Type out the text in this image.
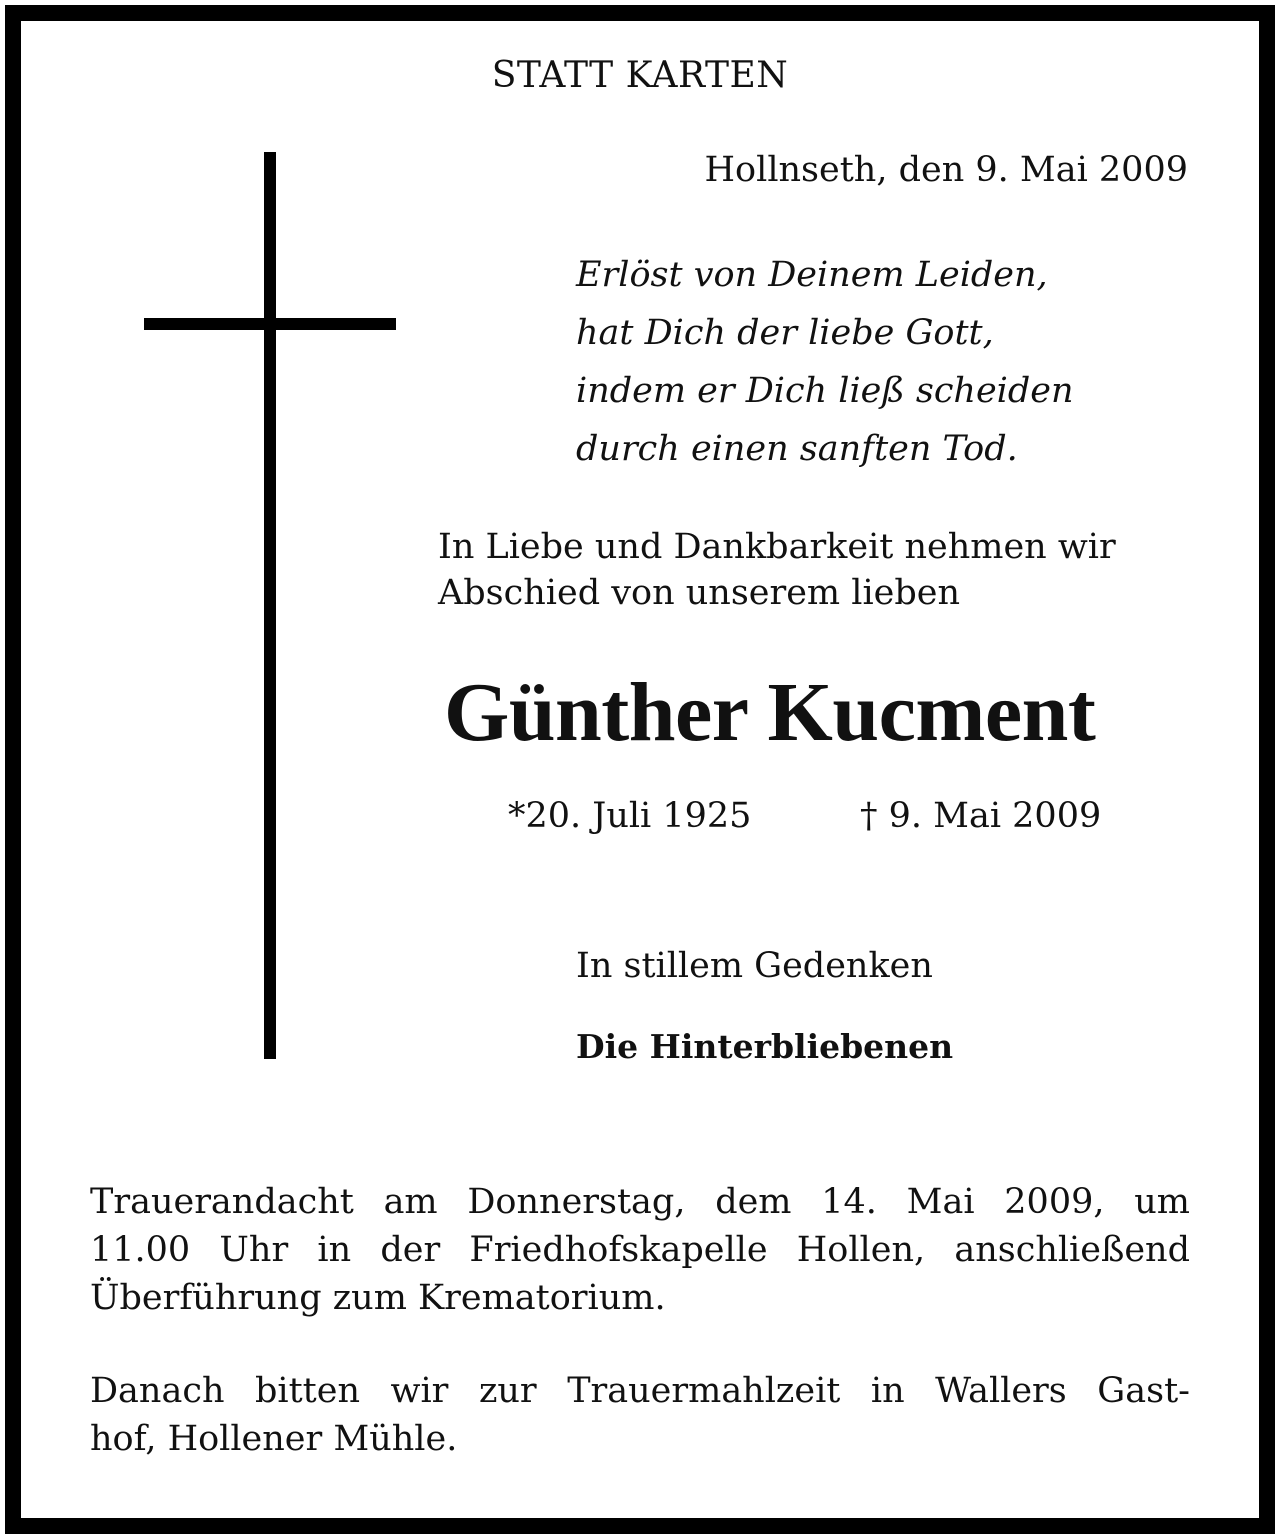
STATT KARTEN

Hollnseth, den 9. Mai 2009

Erlöst von Deinem Leiden,
hat Dich der liebe Gott,
indem er Dich ließ scheiden
durch einen sanften Tod.
In Liebe und Dankbarkeit nehmen wir
Abschied von unserem lieben

Günther Kucment

*20. Juli 1925	† 9. Mai 2009

In stillem Gedenken

Die Hinterbliebenen

Trauerandacht am Donnerstag, dem 14. Mai 2009, um
11.00 Uhr in der Friedhofskapelle Hollen, anschließend
Überführung zum Krematorium.
Danach bitten wir zur Trauermahlzeit in Wallers Gast-
hof, Hollener Mühle.
